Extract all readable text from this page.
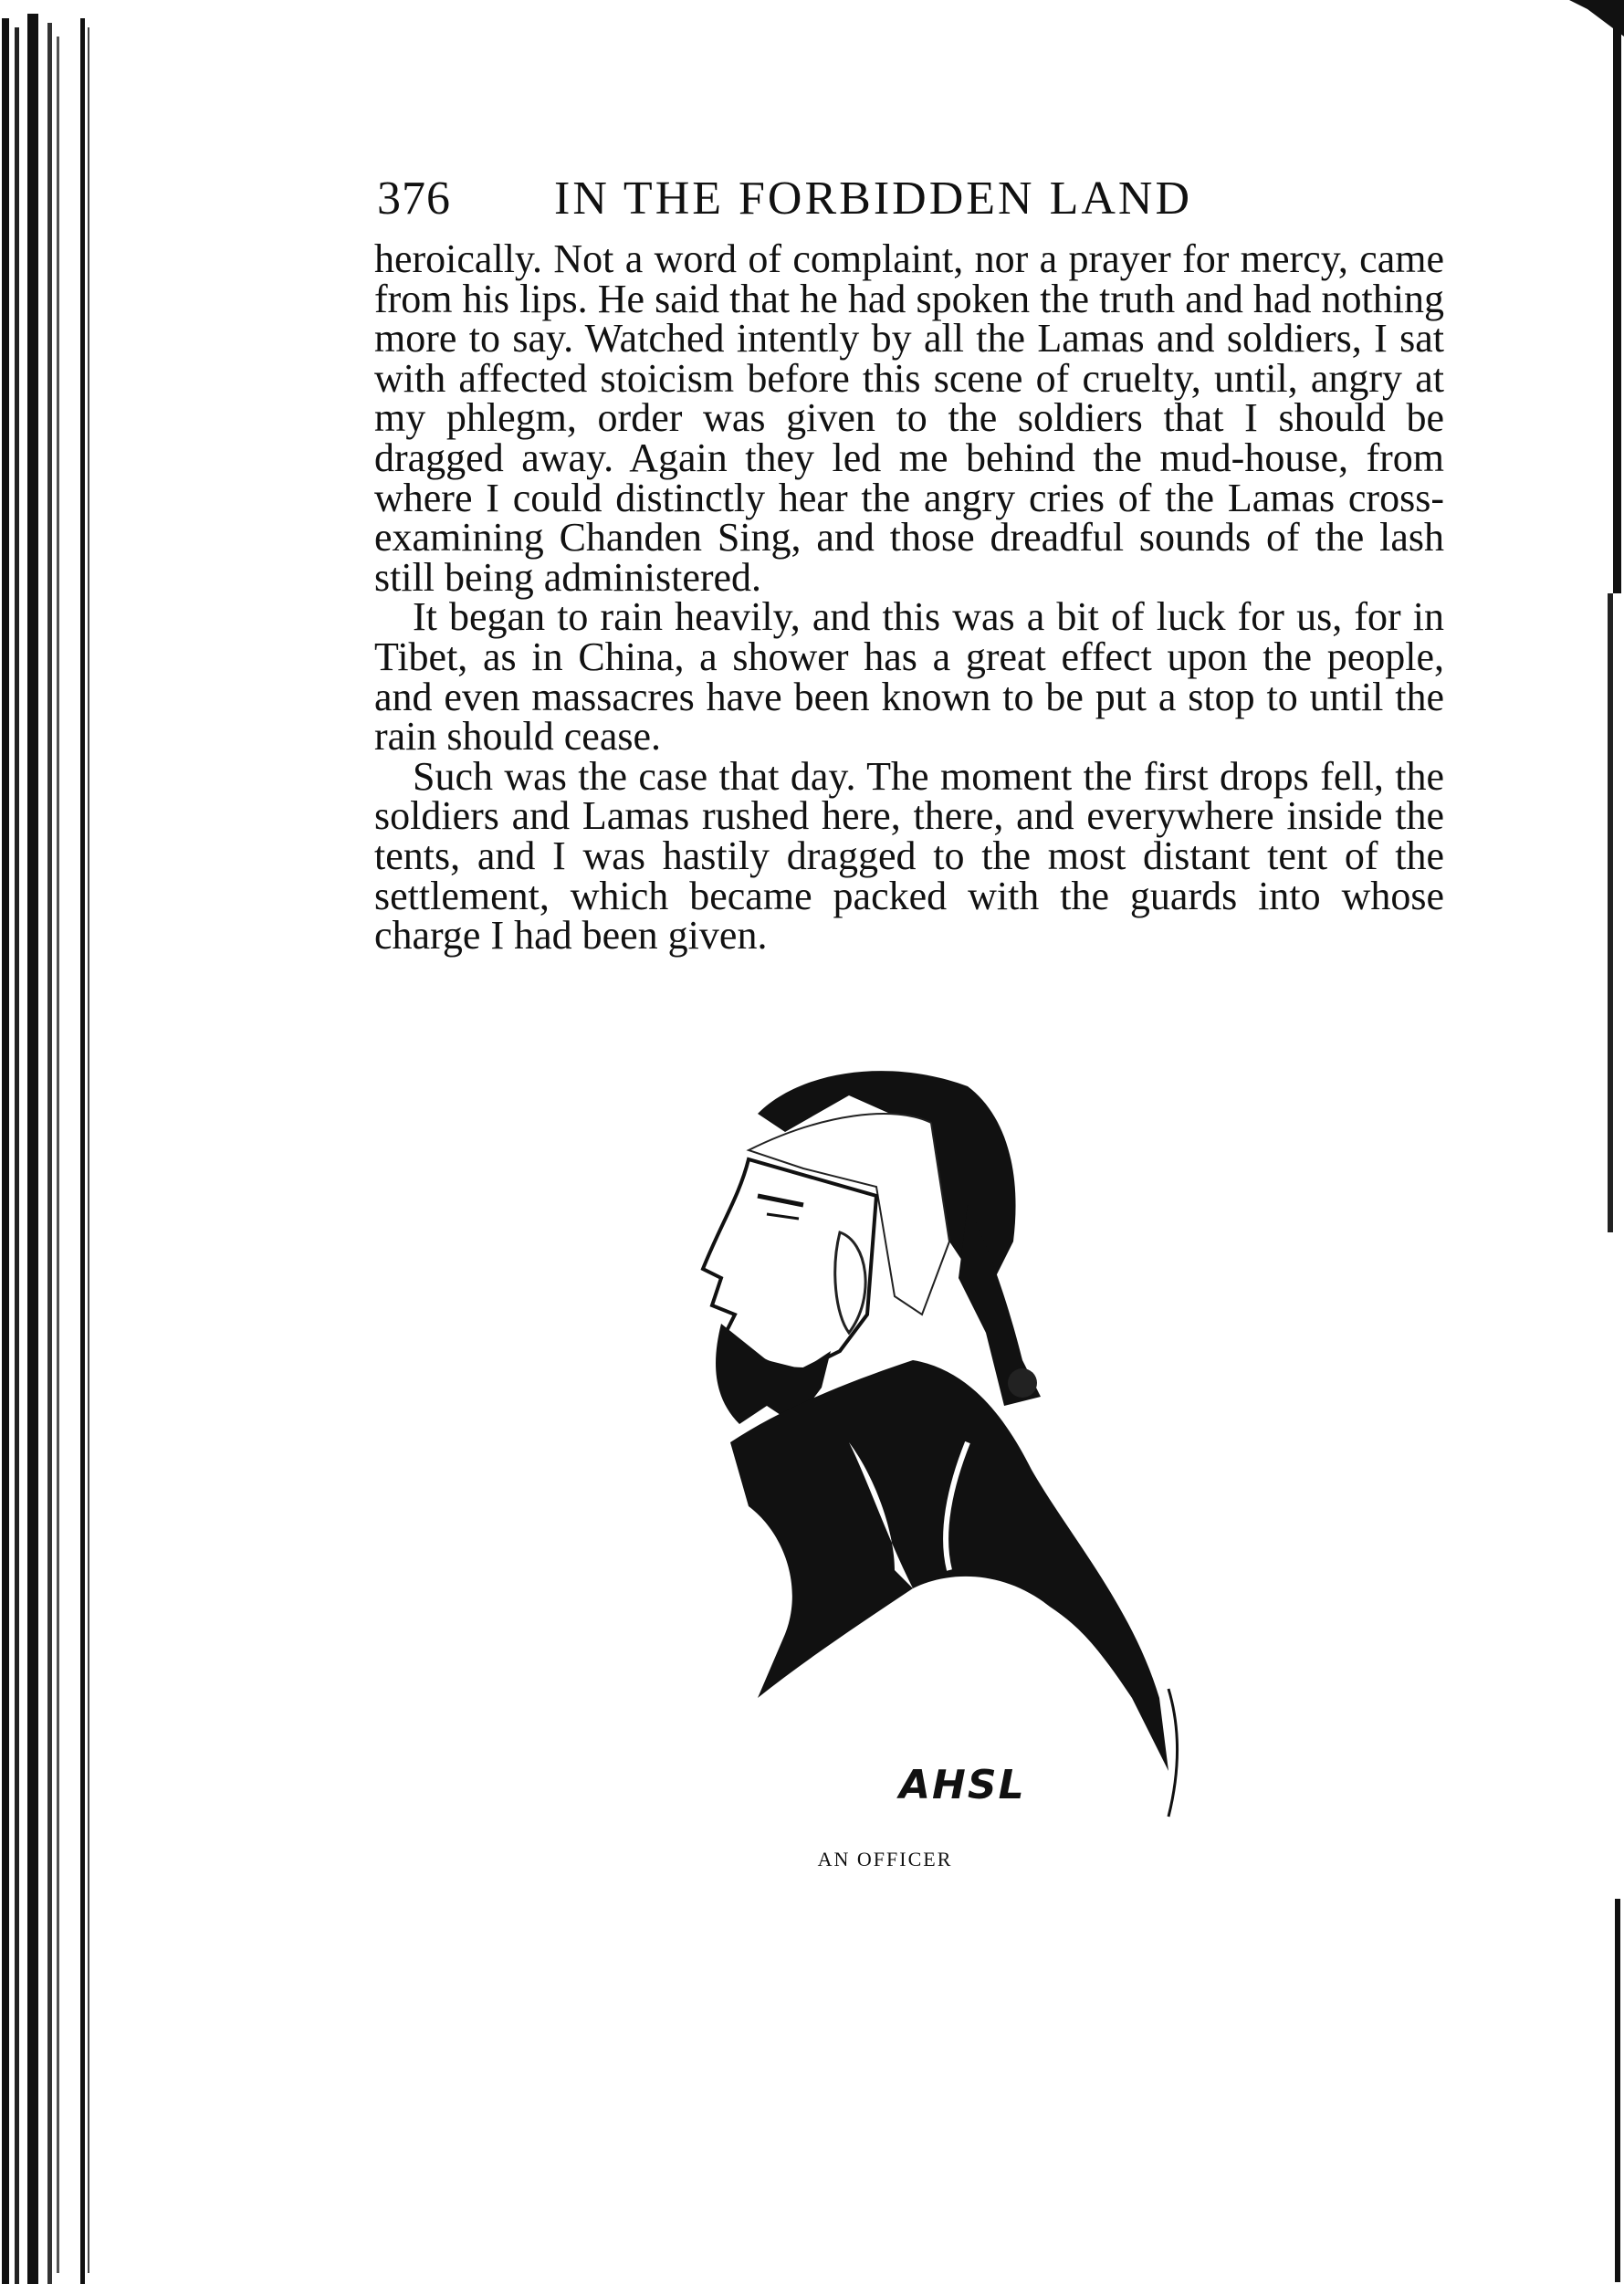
376 IN THE FORBIDDEN LAND

heroically. Not a word of complaint, nor a prayer for mercy, came from his lips. He said that he had spoken the truth and had nothing more to say. Watched intently by all the Lamas and soldiers, I sat with affected stoicism before this scene of cruelty, until, angry at my phlegm, order was given to the soldiers that I should be dragged away. Again they led me behind the mud-house, from where I could distinctly hear the angry cries of the Lamas cross-examining Chanden Sing, and those dreadful sounds of the lash still being administered.

It began to rain heavily, and this was a bit of luck for us, for in Tibet, as in China, a shower has a great effect upon the people, and even massacres have been known to be put a stop to until the rain should cease.

Such was the case that day. The moment the first drops fell, the soldiers and Lamas rushed here, there, and everywhere inside the tents, and I was hastily dragged to the most distant tent of the settlement, which became packed with the guards into whose charge I had been given.

AHSL
AN OFFICER
